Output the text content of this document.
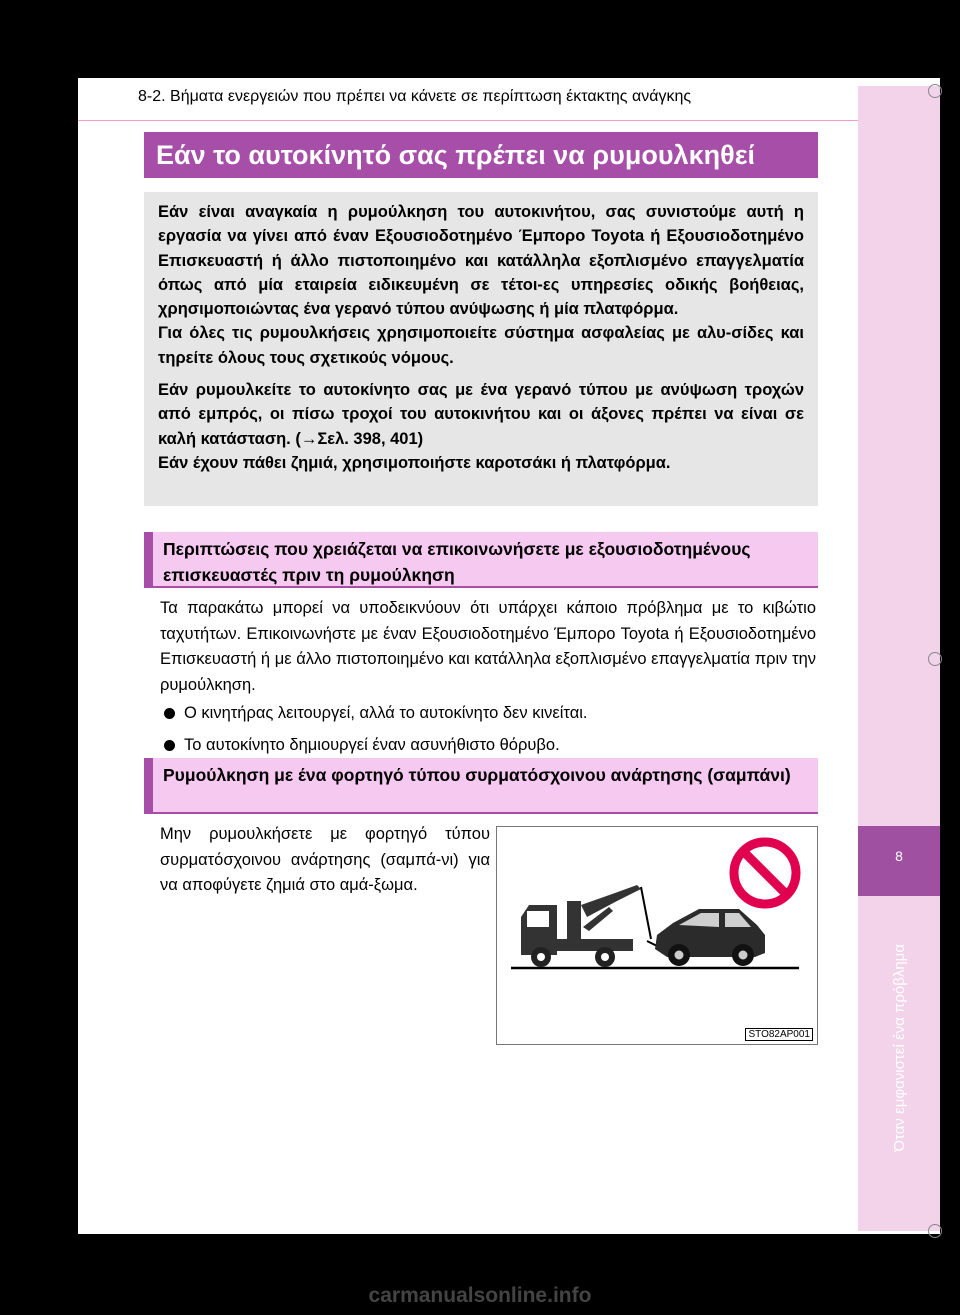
8-2. Βήματα ενεργειών που πρέπει να κάνετε σε περίπτωση έκτακτης ανάγκης
8
Όταν εμφανιστεί ένα πρόβλημα
Εάν το αυτοκίνητό σας πρέπει να ρυμουλκηθεί

Εάν είναι αναγκαία η ρυμούλκηση του αυτοκινήτου, σας συνιστούμε αυτή η εργασία να γίνει από έναν Εξουσιοδοτημένο Έμπορο Toyota ή Εξουσιοδοτημένο Επισκευαστή ή άλλο πιστοποιημένο και κατάλληλα εξοπλισμένο επαγγελματία όπως από μία εταιρεία ειδικευμένη σε τέτοι-ες υπηρεσίες οδικής βοήθειας, χρησιμοποιώντας ένα γερανό τύπου ανύψωσης ή μία πλατφόρμα.

Για όλες τις ρυμουλκήσεις χρησιμοποιείτε σύστημα ασφαλείας με αλυ-σίδες και τηρείτε όλους τους σχετικούς νόμους.

Εάν ρυμουλκείτε το αυτοκίνητο σας με ένα γερανό τύπου με ανύψωση τροχών από εμπρός, οι πίσω τροχοί του αυτοκινήτου και οι άξονες πρέπει να είναι σε καλή κατάσταση. (→Σελ. 398, 401)

Εάν έχουν πάθει ζημιά, χρησιμοποιήστε καροτσάκι ή πλατφόρμα.

Περιπτώσεις που χρειάζεται να επικοινωνήσετε με εξουσιοδοτημένους επισκευαστές πριν τη ρυμούλκηση

Τα παρακάτω μπορεί να υποδεικνύουν ότι υπάρχει κάποιο πρόβλημα με το κιβώτιο ταχυτήτων. Επικοινωνήστε με έναν Εξουσιοδοτημένο Έμπορο Toyota ή Εξουσιοδοτημένο Επισκευαστή ή με άλλο πιστοποιημένο και κατάλληλα εξοπλισμένο επαγγελματία πριν την ρυμούλκηση.

Ο κινητήρας λειτουργεί, αλλά το αυτοκίνητο δεν κινείται.
Το αυτοκίνητο δημιουργεί έναν ασυνήθιστο θόρυβο.
Ρυμούλκηση με ένα φορτηγό τύπου συρματόσχοινου ανάρτησης (σαμπάνι)

Μην ρυμουλκήσετε με φορτηγό τύπου συρματόσχοινου ανάρτησης (σαμπά-νι) για να αποφύγετε ζημιά στο αμά-ξωμα.

STO82AP001
carmanualsonline.info
